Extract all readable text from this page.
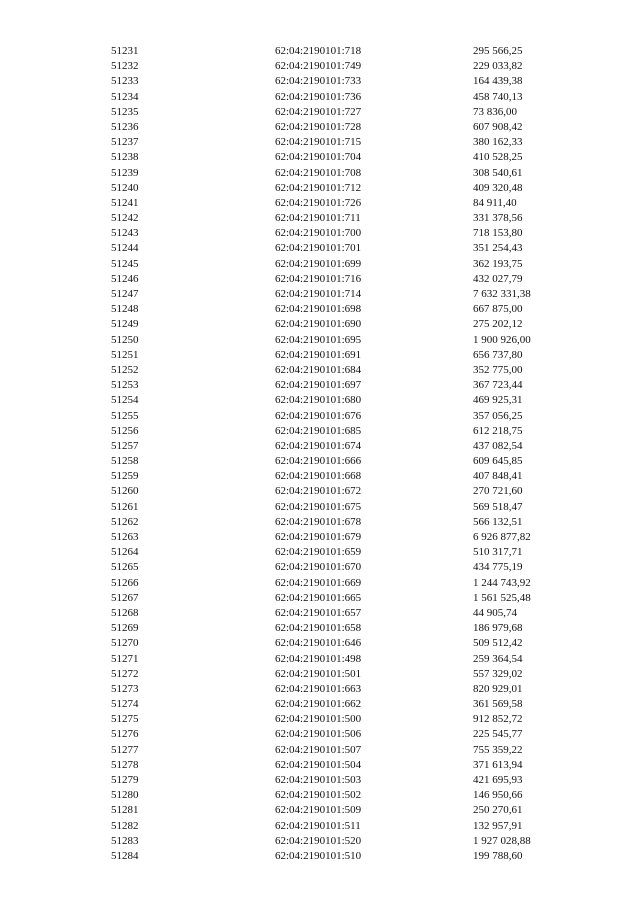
51231	62:04:2190101:718	295 566,25
51232	62:04:2190101:749	229 033,82
51233	62:04:2190101:733	164 439,38
51234	62:04:2190101:736	458 740,13
51235	62:04:2190101:727	73 836,00
51236	62:04:2190101:728	607 908,42
51237	62:04:2190101:715	380 162,33
51238	62:04:2190101:704	410 528,25
51239	62:04:2190101:708	308 540,61
51240	62:04:2190101:712	409 320,48
51241	62:04:2190101:726	84 911,40
51242	62:04:2190101:711	331 378,56
51243	62:04:2190101:700	718 153,80
51244	62:04:2190101:701	351 254,43
51245	62:04:2190101:699	362 193,75
51246	62:04:2190101:716	432 027,79
51247	62:04:2190101:714	7 632 331,38
51248	62:04:2190101:698	667 875,00
51249	62:04:2190101:690	275 202,12
51250	62:04:2190101:695	1 900 926,00
51251	62:04:2190101:691	656 737,80
51252	62:04:2190101:684	352 775,00
51253	62:04:2190101:697	367 723,44
51254	62:04:2190101:680	469 925,31
51255	62:04:2190101:676	357 056,25
51256	62:04:2190101:685	612 218,75
51257	62:04:2190101:674	437 082,54
51258	62:04:2190101:666	609 645,85
51259	62:04:2190101:668	407 848,41
51260	62:04:2190101:672	270 721,60
51261	62:04:2190101:675	569 518,47
51262	62:04:2190101:678	566 132,51
51263	62:04:2190101:679	6 926 877,82
51264	62:04:2190101:659	510 317,71
51265	62:04:2190101:670	434 775,19
51266	62:04:2190101:669	1 244 743,92
51267	62:04:2190101:665	1 561 525,48
51268	62:04:2190101:657	44 905,74
51269	62:04:2190101:658	186 979,68
51270	62:04:2190101:646	509 512,42
51271	62:04:2190101:498	259 364,54
51272	62:04:2190101:501	557 329,02
51273	62:04:2190101:663	820 929,01
51274	62:04:2190101:662	361 569,58
51275	62:04:2190101:500	912 852,72
51276	62:04:2190101:506	225 545,77
51277	62:04:2190101:507	755 359,22
51278	62:04:2190101:504	371 613,94
51279	62:04:2190101:503	421 695,93
51280	62:04:2190101:502	146 950,66
51281	62:04:2190101:509	250 270,61
51282	62:04:2190101:511	132 957,91
51283	62:04:2190101:520	1 927 028,88
51284	62:04:2190101:510	199 788,60
